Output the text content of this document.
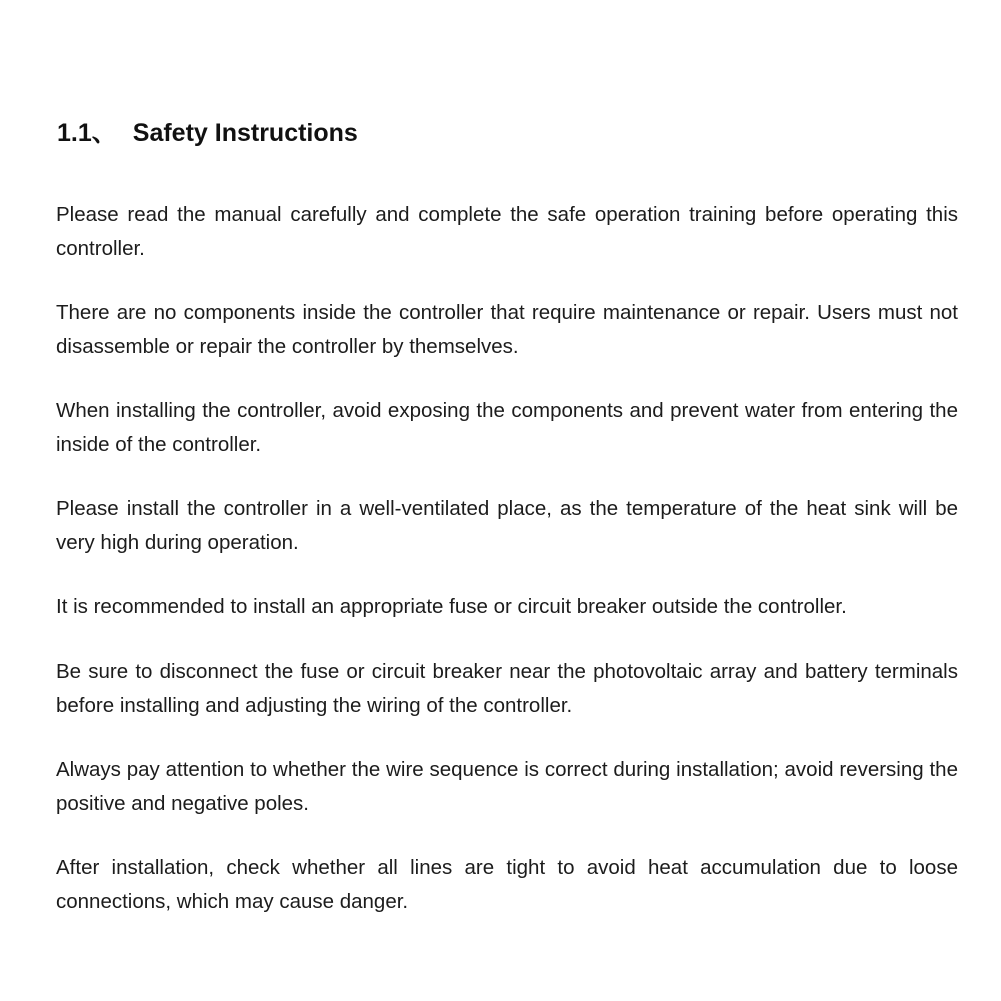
1.1、 Safety Instructions

Please read the manual carefully and complete the safe operation training before operating this controller.

There are no components inside the controller that require maintenance or repair. Users must not disassemble or repair the controller by themselves.

When installing the controller, avoid exposing the components and prevent water from entering the inside of the controller.

Please install the controller in a well-ventilated place, as the temperature of the heat sink will be very high during operation.

It is recommended to install an appropriate fuse or circuit breaker outside the controller.

Be sure to disconnect the fuse or circuit breaker near the photovoltaic array and battery terminals before installing and adjusting the wiring of the controller.

Always pay attention to whether the wire sequence is correct during installation; avoid reversing the positive and negative poles.

After installation, check whether all lines are tight to avoid heat accumulation due to loose connections, which may cause danger.
